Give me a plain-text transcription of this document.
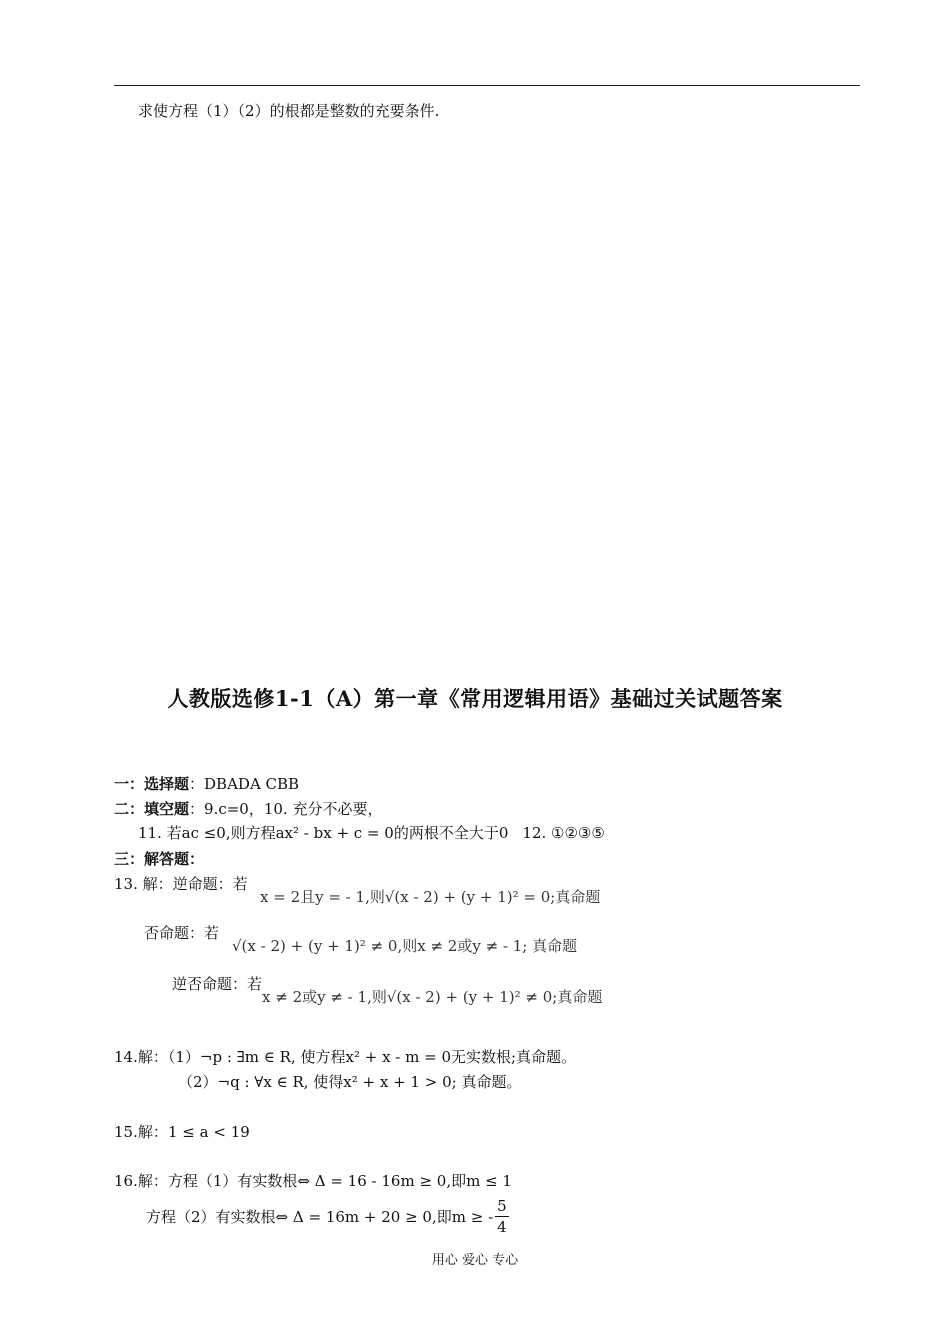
求使方程（1）（2）的根都是整数的充要条件.
人教版选修1-1（A）第一章《常用逻辑用语》基础过关试题答案
一：选择题：DBADA CBB
二：填空题：9.c=0，10. 充分不必要，
11. 若ac ≤0,则方程ax² - bx + c = 0的两根不全大于0 12. ①②③⑤
三：解答题：
13. 解：逆命题：若
x = 2且y = - 1,则√(x - 2) + (y + 1)² = 0;真命题
否命题：若
√(x - 2) + (y + 1)² ≠ 0,则x ≠ 2或y ≠ - 1; 真命题
逆否命题：若
x ≠ 2或y ≠ - 1,则√(x - 2) + (y + 1)² ≠ 0;真命题
14.解：（1）¬p : ∃m ∈ R, 使方程x² + x - m = 0无实数根;真命题。
（2）¬q : ∀x ∈ R, 使得x² + x + 1 > 0; 真命题。
15.解： 1 ≤ a < 19
16.解：方程（1）有实数根⇔ Δ = 16 - 16m ≥ 0,即m ≤ 1
方程（2）有实数根⇔ Δ = 16m + 20 ≥ 0,即m ≥ - $\frac{5}{4}$
用心 爱心 专心
